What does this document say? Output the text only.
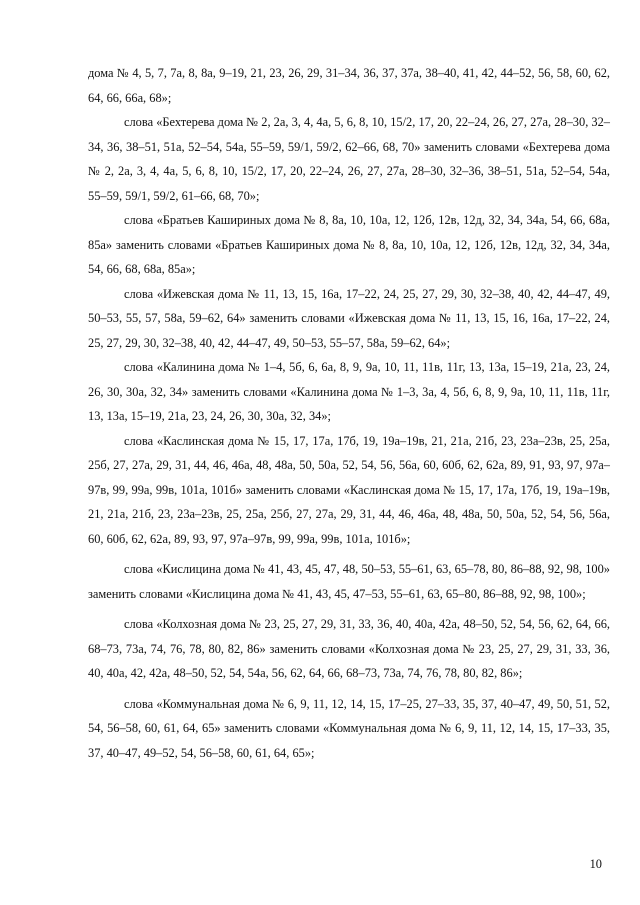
дома № 4, 5, 7, 7а, 8, 8а, 9–19, 21, 23, 26, 29, 31–34, 36, 37, 37а, 38–40, 41, 42, 44–52, 56, 58, 60, 62, 64, 66, 66а, 68»;

слова «Бехтерева дома № 2, 2а, 3, 4, 4а, 5, 6, 8, 10, 15/2, 17, 20, 22–24, 26, 27, 27а, 28–30, 32–34, 36, 38–51, 51а, 52–54, 54а, 55–59, 59/1, 59/2, 62–66, 68, 70» заменить словами «Бехтерева дома № 2, 2а, 3, 4, 4а, 5, 6, 8, 10, 15/2, 17, 20, 22–24, 26, 27, 27а, 28–30, 32–36, 38–51, 51а, 52–54, 54а, 55–59, 59/1, 59/2, 61–66, 68, 70»;

слова «Братьев Кашириных дома № 8, 8а, 10, 10а, 12, 12б, 12в, 12д, 32, 34, 34а, 54, 66, 68а, 85а» заменить словами «Братьев Кашириных дома № 8, 8а, 10, 10а, 12, 12б, 12в, 12д, 32, 34, 34а, 54, 66, 68, 68а, 85а»;

слова «Ижевская дома № 11, 13, 15, 16а, 17–22, 24, 25, 27, 29, 30, 32–38, 40, 42, 44–47, 49, 50–53, 55, 57, 58а, 59–62, 64» заменить словами «Ижевская дома № 11, 13, 15, 16, 16а, 17–22, 24, 25, 27, 29, 30, 32–38, 40, 42, 44–47, 49, 50–53, 55–57, 58а, 59–62, 64»;

слова «Калинина дома № 1–4, 5б, 6, 6а, 8, 9, 9а, 10, 11, 11в, 11г, 13, 13а, 15–19, 21а, 23, 24, 26, 30, 30а, 32, 34» заменить словами «Калинина дома № 1–3, 3а, 4, 5б, 6, 8, 9, 9а, 10, 11, 11в, 11г, 13, 13а, 15–19, 21а, 23, 24, 26, 30, 30а, 32, 34»;

слова «Каслинская дома № 15, 17, 17а, 17б, 19, 19а–19в, 21, 21а, 21б, 23, 23а–23в, 25, 25а, 25б, 27, 27а, 29, 31, 44, 46, 46а, 48, 48а, 50, 50а, 52, 54, 56, 56а, 60, 60б, 62, 62а, 89, 91, 93, 97, 97а–97в, 99, 99а, 99в, 101а, 101б» заменить словами «Каслинская дома № 15, 17, 17а, 17б, 19, 19а–19в, 21, 21а, 21б, 23, 23а–23в, 25, 25а, 25б, 27, 27а, 29, 31, 44, 46, 46а, 48, 48а, 50, 50а, 52, 54, 56, 56а, 60, 60б, 62, 62а, 89, 93, 97, 97а–97в, 99, 99а, 99в, 101а, 101б»;

слова «Кислицина дома № 41, 43, 45, 47, 48, 50–53, 55–61, 63, 65–78, 80, 86–88, 92, 98, 100» заменить словами «Кислицина дома № 41, 43, 45, 47–53, 55–61, 63, 65–80, 86–88, 92, 98, 100»;

слова «Колхозная дома № 23, 25, 27, 29, 31, 33, 36, 40, 40а, 42а, 48–50, 52, 54, 56, 62, 64, 66, 68–73, 73а, 74, 76, 78, 80, 82, 86» заменить словами «Колхозная дома № 23, 25, 27, 29, 31, 33, 36, 40, 40а, 42, 42а, 48–50, 52, 54, 54а, 56, 62, 64, 66, 68–73, 73а, 74, 76, 78, 80, 82, 86»;

слова «Коммунальная дома № 6, 9, 11, 12, 14, 15, 17–25, 27–33, 35, 37, 40–47, 49, 50, 51, 52, 54, 56–58, 60, 61, 64, 65» заменить словами «Коммунальная дома № 6, 9, 11, 12, 14, 15, 17–33, 35, 37, 40–47, 49–52, 54, 56–58, 60, 61, 64, 65»;

10
